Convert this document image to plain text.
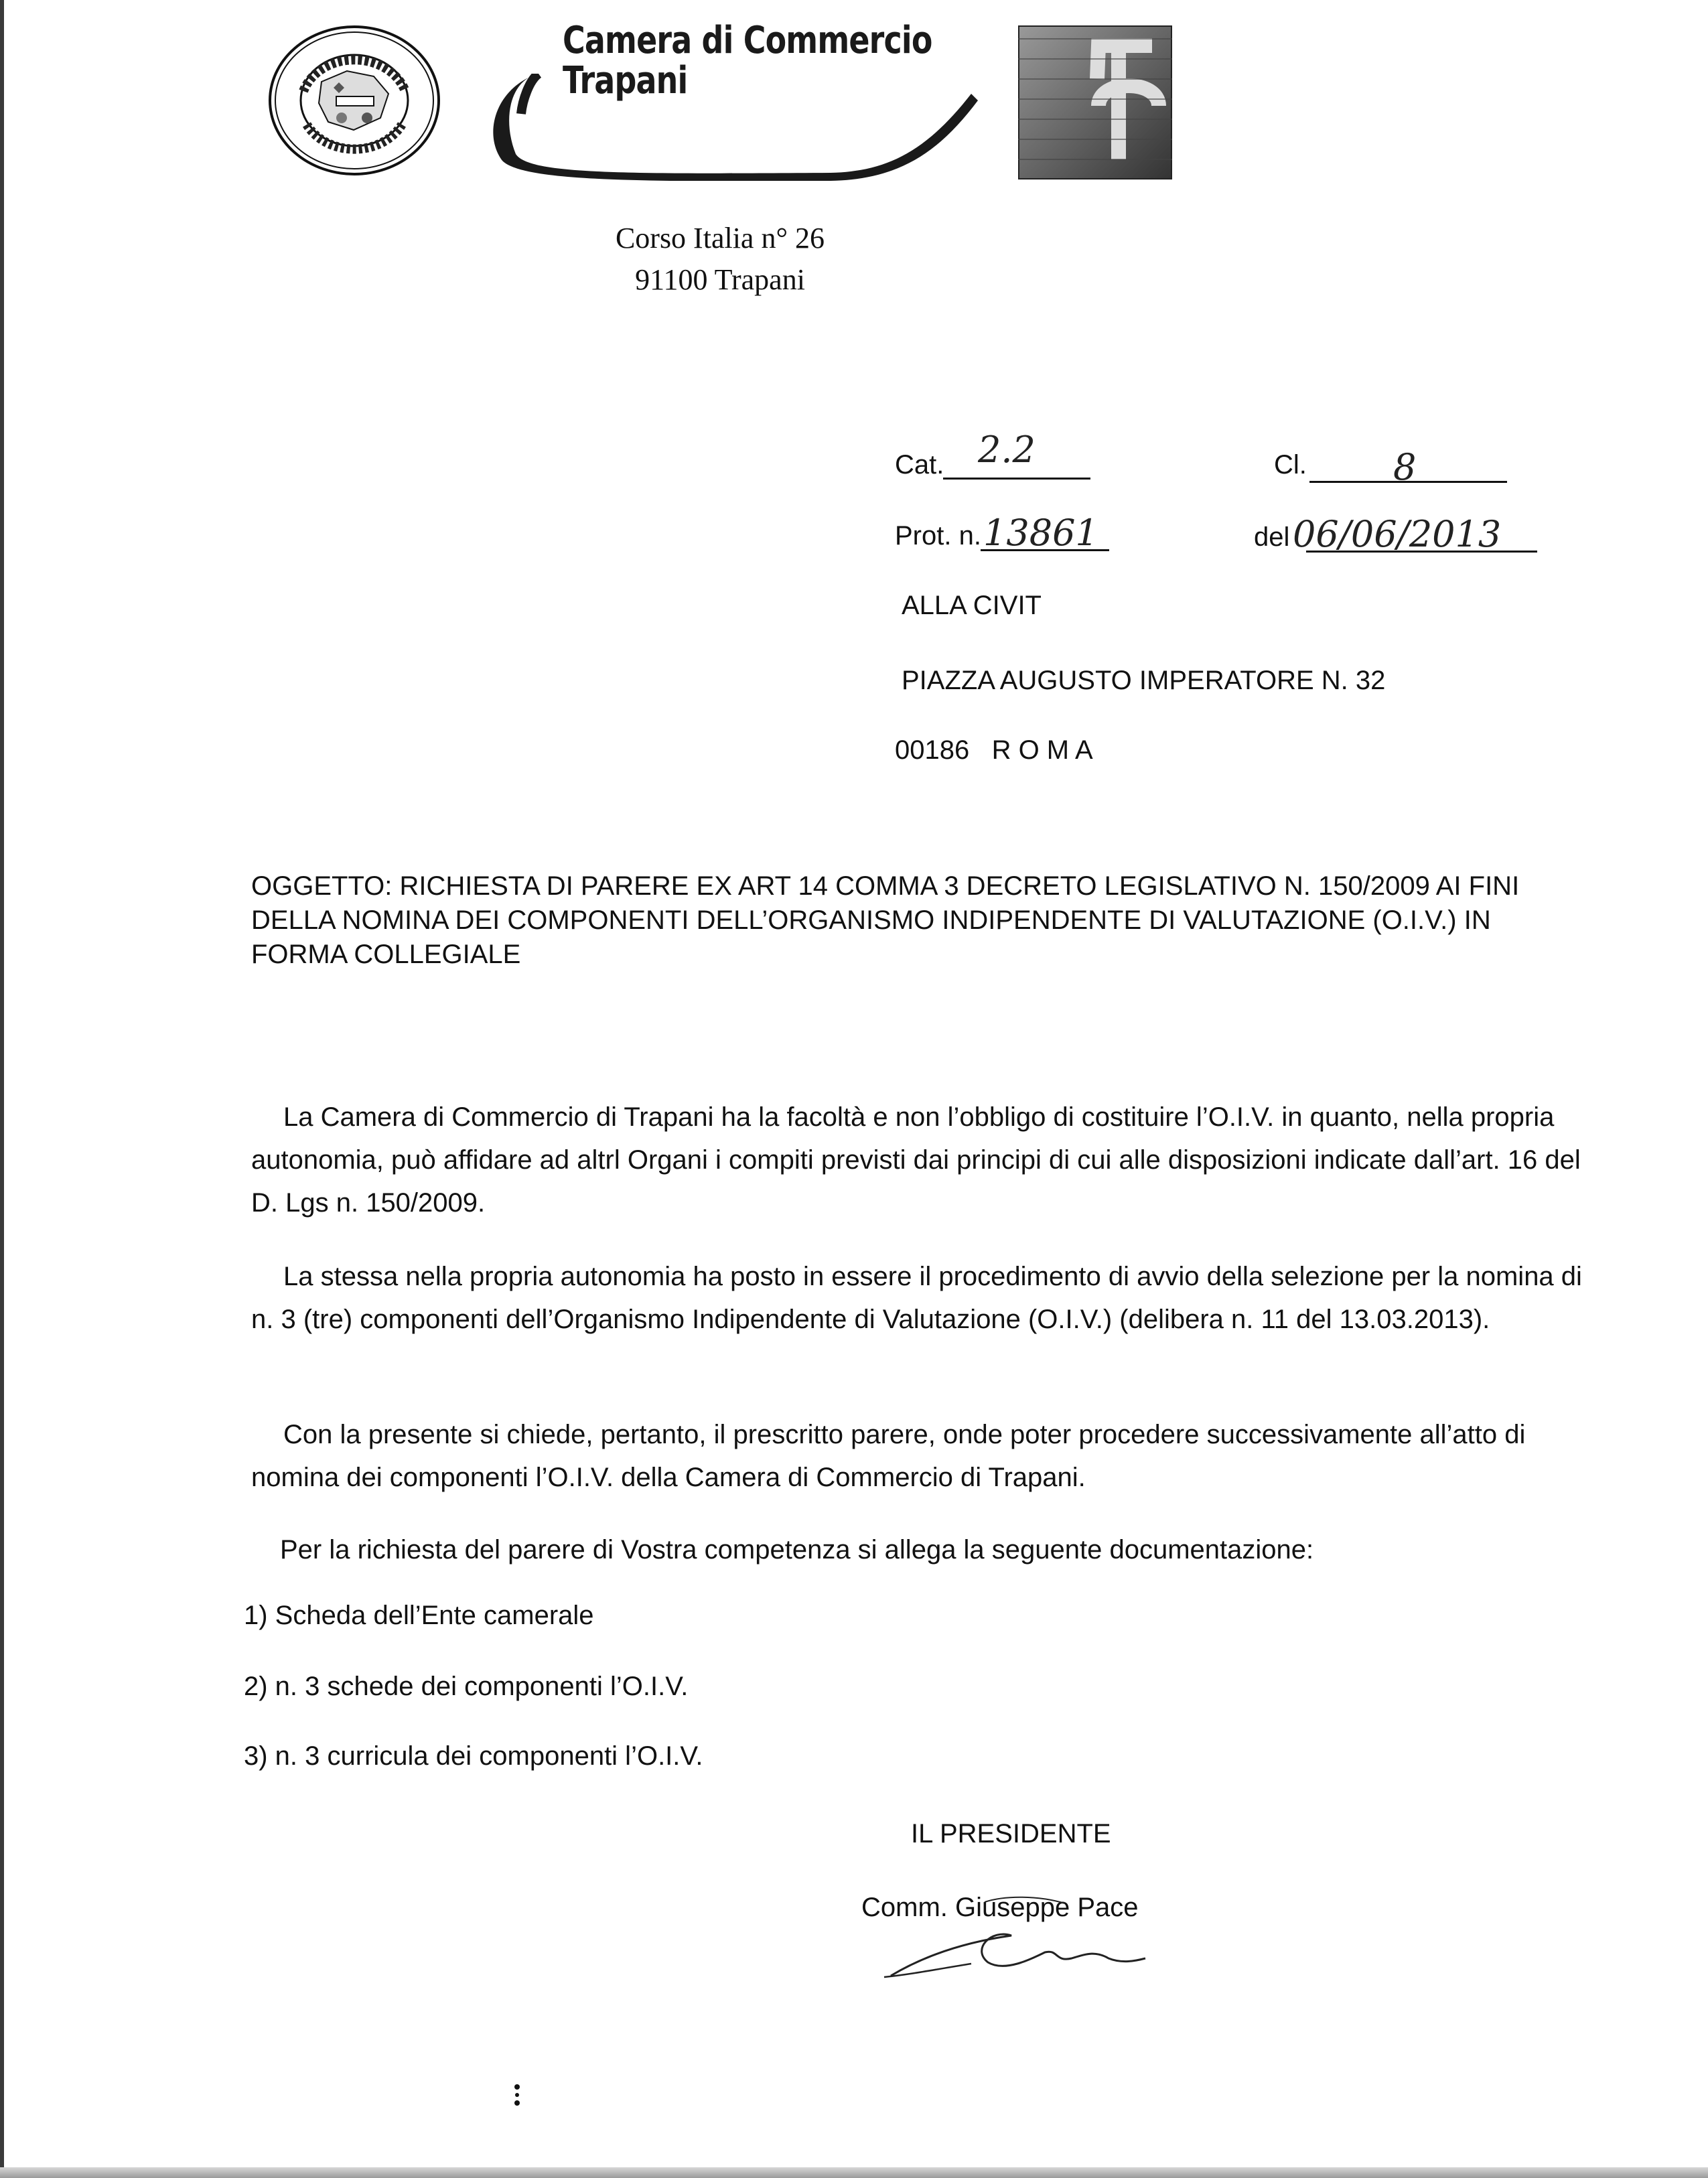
Camera di Commercio
Trapani
Corso Italia n° 26
91100 Trapani
Cat. 2.2	Cl. 8
Prot. n. 13861	del 06/06/2013
ALLA CIVIT
PIAZZA AUGUSTO IMPERATORE N. 32
00186   R O M A
OGGETTO: RICHIESTA DI PARERE EX ART 14 COMMA 3 DECRETO LEGISLATIVO N. 150/2009 AI FINI DELLA NOMINA DEI COMPONENTI DELL’ORGANISMO INDIPENDENTE DI VALUTAZIONE (O.I.V.) IN FORMA COLLEGIALE
La Camera di Commercio di Trapani ha la facoltà e non l’obbligo di costituire l’O.I.V. in quanto, nella propria autonomia, può affidare ad altrl Organi i compiti previsti dai principi di cui alle disposizioni indicate dall’art. 16 del D. Lgs n. 150/2009.
La stessa nella propria autonomia ha posto in essere il procedimento di avvio della selezione per la nomina di n. 3 (tre) componenti dell’Organismo Indipendente di Valutazione (O.I.V.) (delibera n. 11 del 13.03.2013).
Con la presente si chiede, pertanto, il prescritto parere, onde poter procedere successivamente all’atto di nomina dei componenti l’O.I.V. della Camera di Commercio di Trapani.
Per la richiesta del parere di Vostra competenza si allega la seguente documentazione:
1) Scheda dell’Ente camerale
2) n. 3 schede dei componenti l’O.I.V.
3) n. 3 curricula dei componenti l’O.I.V.
IL PRESIDENTE
Comm. Giuseppe Pace
